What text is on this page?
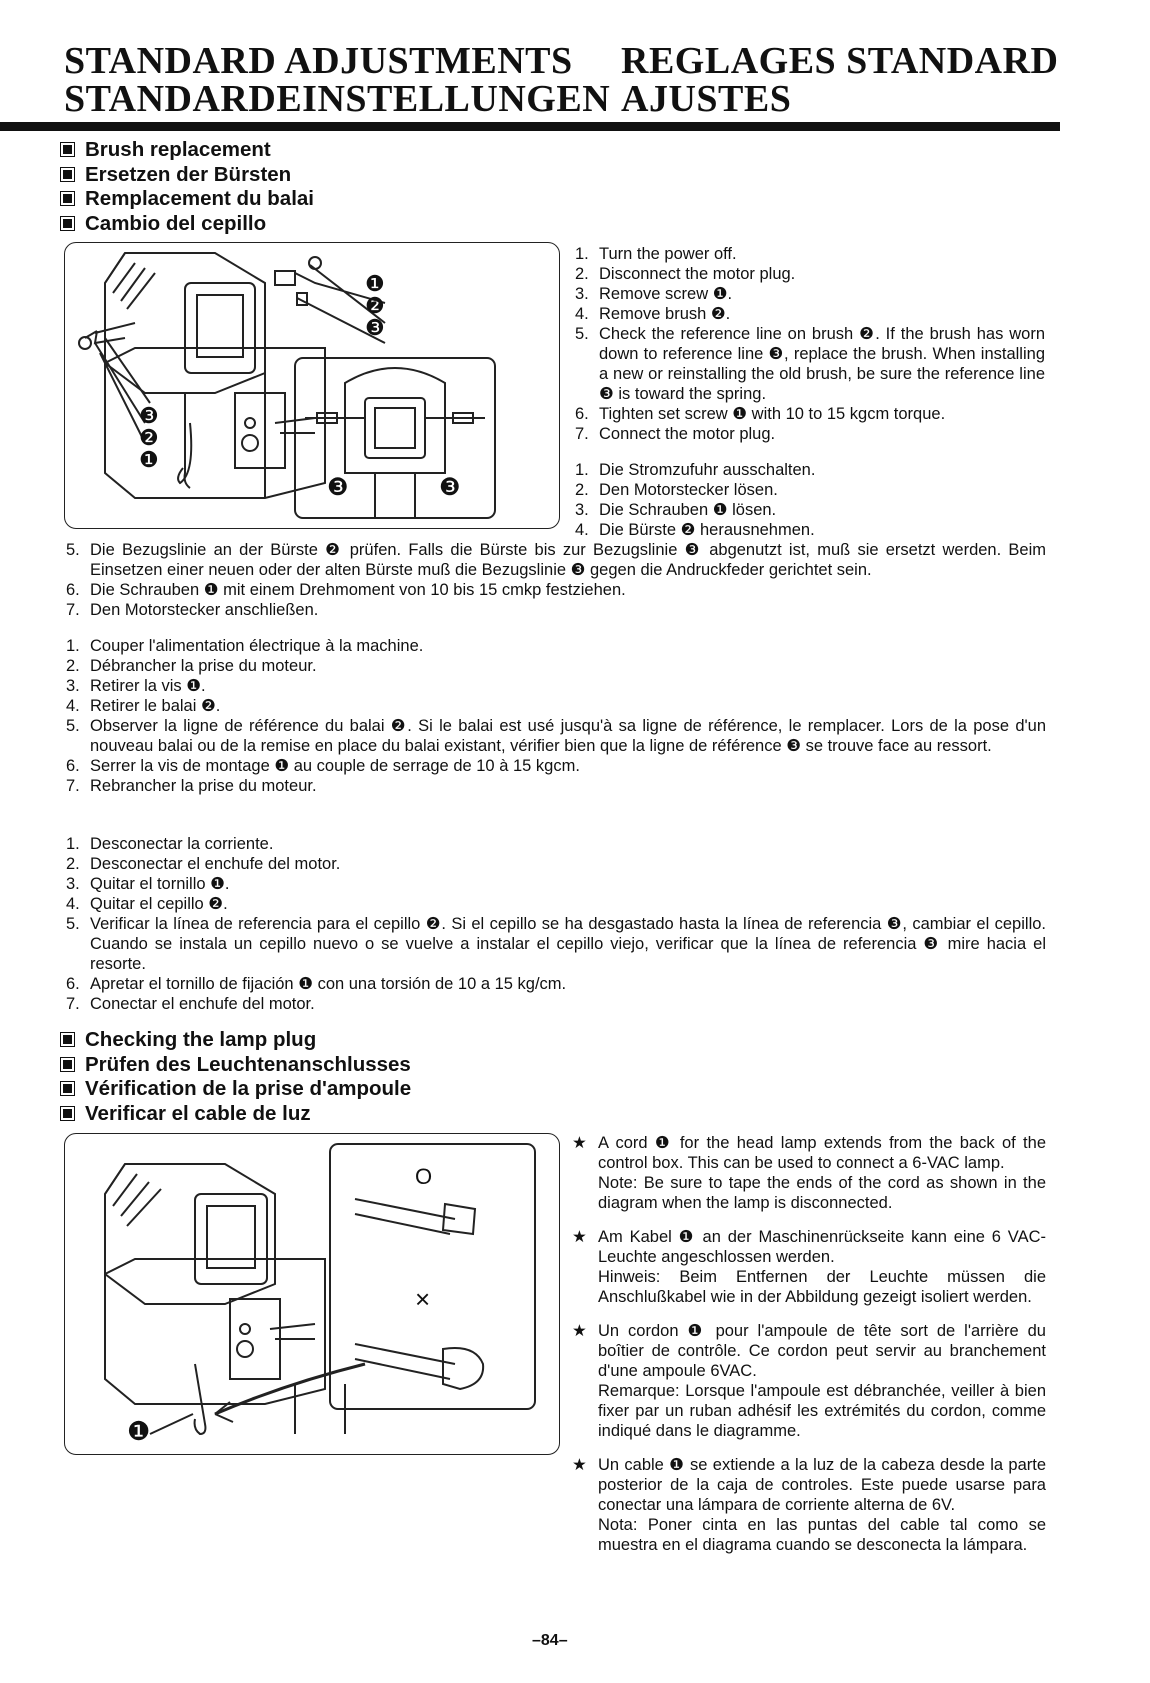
STANDARD ADJUSTMENTS
STANDARDEINSTELLUNGEN
REGLAGES STANDARD
AJUSTES
Brush replacement
Ersetzen der Bürsten
Remplacement du balai
Cambio del cepillo
❶
❷
❸
❸
❷
❶
❸	❸
1. Turn the power off.
2. Disconnect the motor plug.
3. Remove screw ❶.
4. Remove brush ❷.
5. Check the reference line on brush ❷. If the brush has worn down to reference line ❸, replace the brush. When installing a new or reinstalling the old brush, be sure the reference line ❸ is toward the spring.
6. Tighten set screw ❶ with 10 to 15 kgcm torque.
7. Connect the motor plug.
1. Die Stromzufuhr ausschalten.
2. Den Motorstecker lösen.
3. Die Schrauben ❶ lösen.
4. Die Bürste ❷ herausnehmen.
5. Die Bezugslinie an der Bürste ❷ prüfen. Falls die Bürste bis zur Bezugslinie ❸ abgenutzt ist, muß sie ersetzt werden. Beim Einsetzen einer neuen oder der alten Bürste muß die Bezugslinie ❸ gegen die Andruckfeder gerichtet sein.
6. Die Schrauben ❶ mit einem Drehmoment von 10 bis 15 cmkp festziehen.
7. Den Motorstecker anschließen.
1. Couper l'alimentation électrique à la machine.
2. Débrancher la prise du moteur.
3. Retirer la vis ❶.
4. Retirer le balai ❷.
5. Observer la ligne de référence du balai ❷. Si le balai est usé jusqu'à sa ligne de référence, le remplacer. Lors de la pose d'un nouveau balai ou de la remise en place du balai existant, vérifier bien que la ligne de référence ❸ se trouve face au ressort.
6. Serrer la vis de montage ❶ au couple de serrage de 10 à 15 kgcm.
7. Rebrancher la prise du moteur.
1. Desconectar la corriente.
2. Desconectar el enchufe del motor.
3. Quitar el tornillo ❶.
4. Quitar el cepillo ❷.
5. Verificar la línea de referencia para el cepillo ❷. Si el cepillo se ha desgastado hasta la línea de referencia ❸, cambiar el cepillo. Cuando se instala un cepillo nuevo o se vuelve a instalar el cepillo viejo, verificar que la línea de referencia ❸ mire hacia el resorte.
6. Apretar el tornillo de fijación ❶ con una torsión de 10 a 15 kg/cm.
7. Conectar el enchufe del motor.
Checking the lamp plug
Prüfen des Leuchtenanschlusses
Vérification de la prise d'ampoule
Verificar el cable de luz
O
×
❶
★ A cord ❶ for the head lamp extends from the back of the control box. This can be used to connect a 6-VAC lamp.
Note: Be sure to tape the ends of the cord as shown in the diagram when the lamp is disconnected.
★ Am Kabel ❶ an der Maschinenrückseite kann eine 6 VAC-Leuchte angeschlossen werden.
Hinweis: Beim Entfernen der Leuchte müssen die Anschlußkabel wie in der Abbildung gezeigt isoliert werden.
★ Un cordon ❶ pour l'ampoule de tête sort de l'arrière du boîtier de contrôle. Ce cordon peut servir au branchement d'une ampoule 6VAC.
Remarque: Lorsque l'ampoule est débranchée, veiller à bien fixer par un ruban adhésif les extrémités du cordon, comme indiqué dans le diagramme.
★ Un cable ❶ se extiende a la luz de la cabeza desde la parte posterior de la caja de controles. Este puede usarse para conectar una lámpara de corriente alterna de 6V.
Nota: Poner cinta en las puntas del cable tal como se muestra en el diagrama cuando se desconecta la lámpara.
–84–
